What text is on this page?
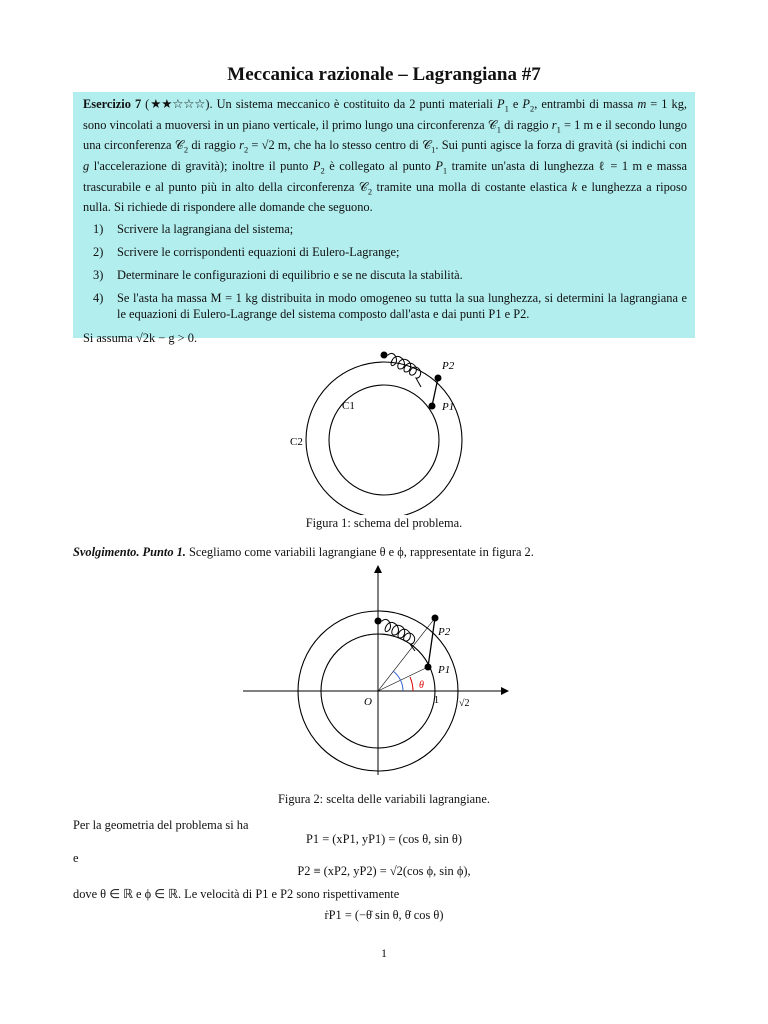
Meccanica razionale – Lagrangiana #7

Esercizio 7 (★★☆☆☆). Un sistema meccanico è costituito da 2 punti materiali $P_1$ e $P_2$, entrambi di massa m = 1 kg, sono vincolati a muoversi in un piano verticale, il primo lungo una circonferenza 𝒞$_1$ di raggio $r_1 = 1$ m e il secondo lungo una circonferenza 𝒞$_2$ di raggio $r_2 = √2$ m, che ha lo stesso centro di 𝒞$_1$. Sui punti agisce la forza di gravità (si indichi con g l'accelerazione di gravità); inoltre il punto $P_2$ è collegato al punto $P_1$ tramite un'asta di lunghezza ℓ = 1 m e massa trascurabile e al punto più in alto della circonferenza 𝒞$_2$ tramite una molla di costante elastica k e lunghezza a riposo nulla. Si richiede di rispondere alle domande che seguono.

1) Scrivere la lagrangiana del sistema;
2) Scrivere le corrispondenti equazioni di Eulero-Lagrange;
3) Determinare le configurazioni di equilibrio e se ne discuta la stabilità.
4) Se l'asta ha massa M = 1 kg distribuita in modo omogeneo su tutta la sua lunghezza, si determini la lagrangiana e le equazioni di Eulero-Lagrange del sistema composto dall'asta e dai punti P1 e P2.

Si assuma √2k − g > 0.

P2
P1
C1
C2
Figura 1: schema del problema.
Svolgimento. Punto 1. Scegliamo come variabili lagrangiane θ e ϕ, rappresentate in figura 2.
P2
P1
θ
O	1 √2
Figura 2: scelta delle variabili lagrangiane.
Per la geometria del problema si ha
P1 = (xP1, yP1) = (cos θ, sin θ)
e
P2 ≡ (xP2, yP2) = √2(cos ϕ, sin ϕ),
dove θ ∈ ℝ e ϕ ∈ ℝ. Le velocità di P1 e P2 sono rispettivamente
ṙP1 = (−θ̇ sin θ, θ̇ cos θ)
1
